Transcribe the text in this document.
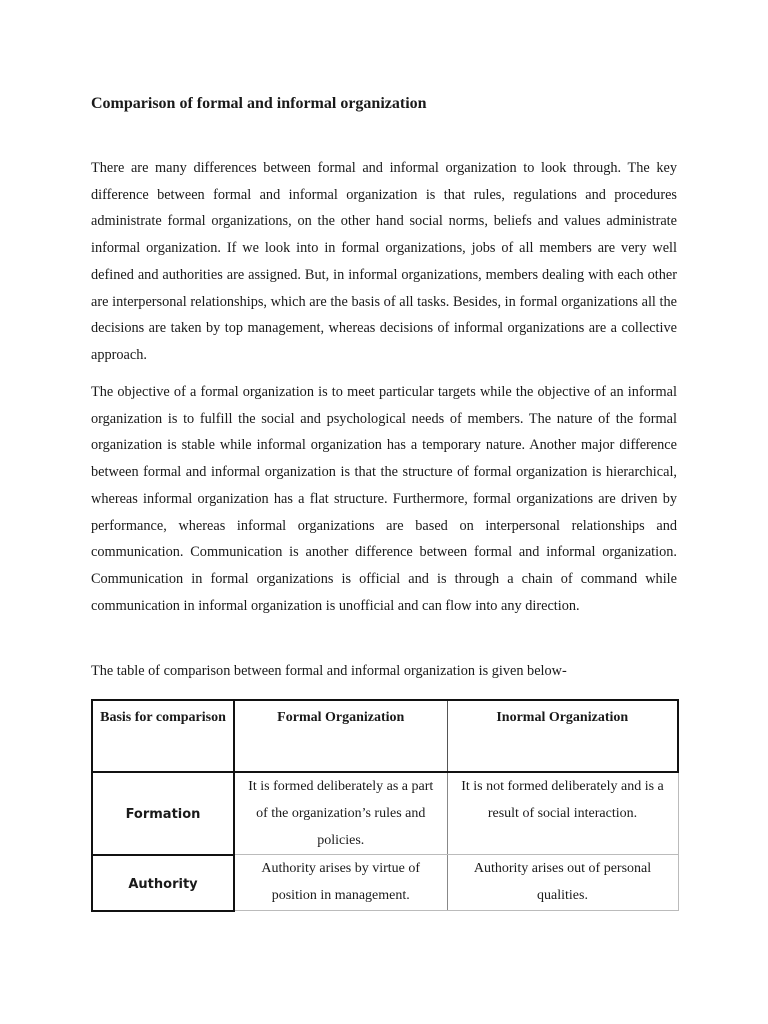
Comparison of formal and informal organization

There are many differences between formal and informal organization to look through. The key difference between formal and informal organization is that rules, regulations and procedures administrate formal organizations, on the other hand social norms, beliefs and values administrate informal organization. If we look into in formal organizations, jobs of all members are very well defined and authorities are assigned. But, in informal organizations, members dealing with each other are interpersonal relationships, which are the basis of all tasks. Besides, in formal organizations all the decisions are taken by top management, whereas decisions of informal organizations are a collective approach.

The objective of a formal organization is to meet particular targets while the objective of an informal organization is to fulfill the social and psychological needs of members. The nature of the formal organization is stable while informal organization has a temporary nature. Another major difference between formal and informal organization is that the structure of formal organization is hierarchical, whereas informal organization has a flat structure. Furthermore, formal organizations are driven by performance, whereas informal organizations are based on interpersonal relationships and communication. Communication is another difference between formal and informal organization. Communication in formal organizations is official and is through a chain of command while communication in informal organization is unofficial and can flow into any direction.

The table of comparison between formal and informal organization is given below-

Basis for comparison	Formal Organization	Inormal Organization
Formation	It is formed deliberately as a part of the organization’s rules and policies.	It is not formed deliberately and is a result of social interaction.
Authority	Authority arises by virtue of position in management.	Authority arises out of personal qualities.
